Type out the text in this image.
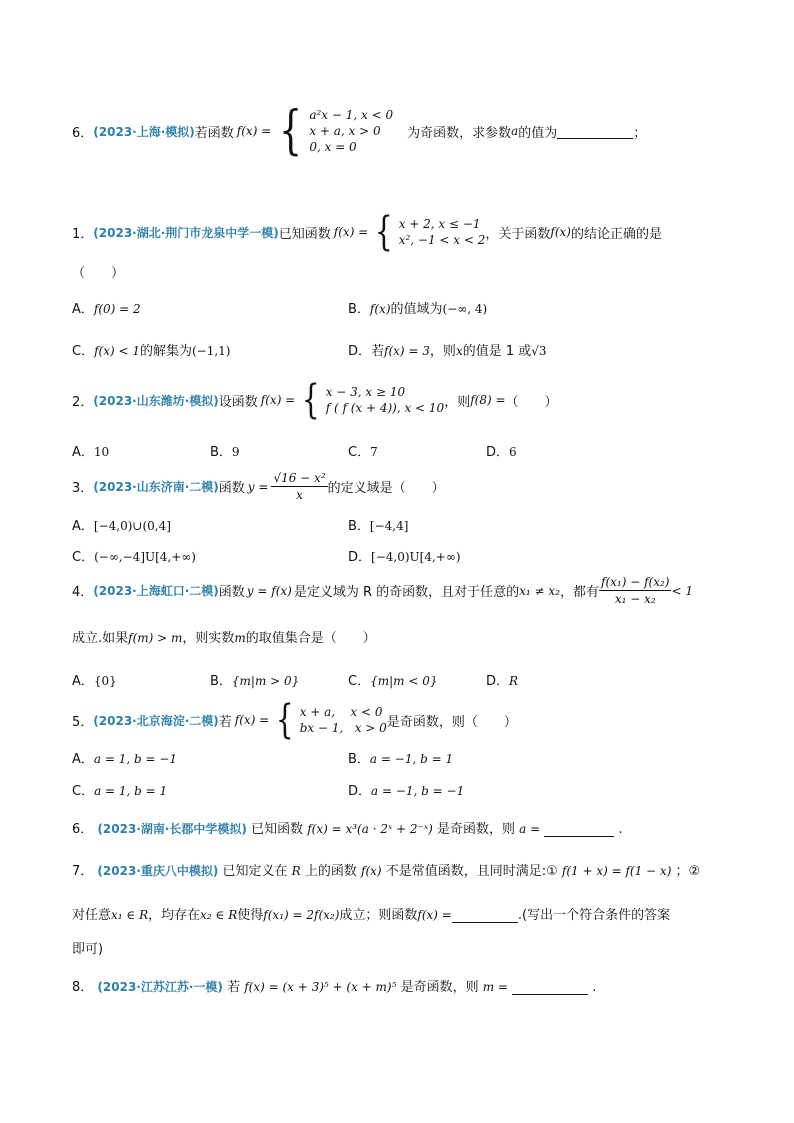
6． (2023·上海·模拟) 若函数 f(x) = { a²x − 1, x < 0
x + a, x > 0
0, x = 0
为奇函数，求参数 a 的值为	；
1． (2023·湖北·荆门市龙泉中学一模) 已知函数 f(x) = { x + 2, x ≤ −1
x², −1 < x < 2 ，关于函数 f(x) 的结论正确的是
（　　）
A．f(0) = 2	B．f(x)的值域为(−∞, 4)
C．f(x) < 1的解集为(−1,1)	D．若f(x) = 3，则x的值是 1 或√3
2． (2023·山东潍坊·模拟) 设函数 f(x) = { x − 3, x ≥ 10
f ( f (x + 4)), x < 10 ，则 f(8) = （　　）
A．10	B．9	C．7	D．6
3． (2023·山东济南·二模) 函数 $y = \frac{\text{√16 − x²}}{x}$ 的定义域是（　　）
A．[−4,0)∪(0,4]	B．[−4,4]
C．(−∞,−4]U[4,+∞)	D．[−4,0)U[4,+∞)
4． (2023·上海虹口·二模) 函数 y = f(x) 是定义域为 R 的奇函数，且对于任意的 x₁ ≠ x₂ ，都有 $\frac{\text{f(x₁) − f(x₂)}}{\text{x₁ − x₂}} < 1$
成立.如果f(m) > m，则实数m的取值集合是（　　）
A．{0}	B．{m|m > 0}	C．{m|m < 0}	D．R
5． (2023·北京海淀·二模) 若 f(x) = { x + a,    x < 0
bx − 1,   x > 0 是奇函数，则（　　）
A．a = 1, b = −1	B．a = −1, b = 1
C．a = 1, b = 1	D．a = −1, b = −1
6． (2023·湖南·长郡中学模拟) 已知函数 f(x) = x³(a · 2ˣ + 2⁻ˣ) 是奇函数，则 a =	.
7． (2023·重庆八中模拟) 已知定义在 R 上的函数 f(x) 不是常值函数，且同时满足:① f(1 + x) = f(1 − x) ；②
对任意x₁ ∈ R，均存在x₂ ∈ R使得f(x₁) = 2f(x₂)成立；则函数f(x) =	.(写出一个符合条件的答案
即可)
8． (2023·江苏江苏·一模) 若 f(x) = (x + 3)⁵ + (x + m)⁵ 是奇函数，则 m =	.
